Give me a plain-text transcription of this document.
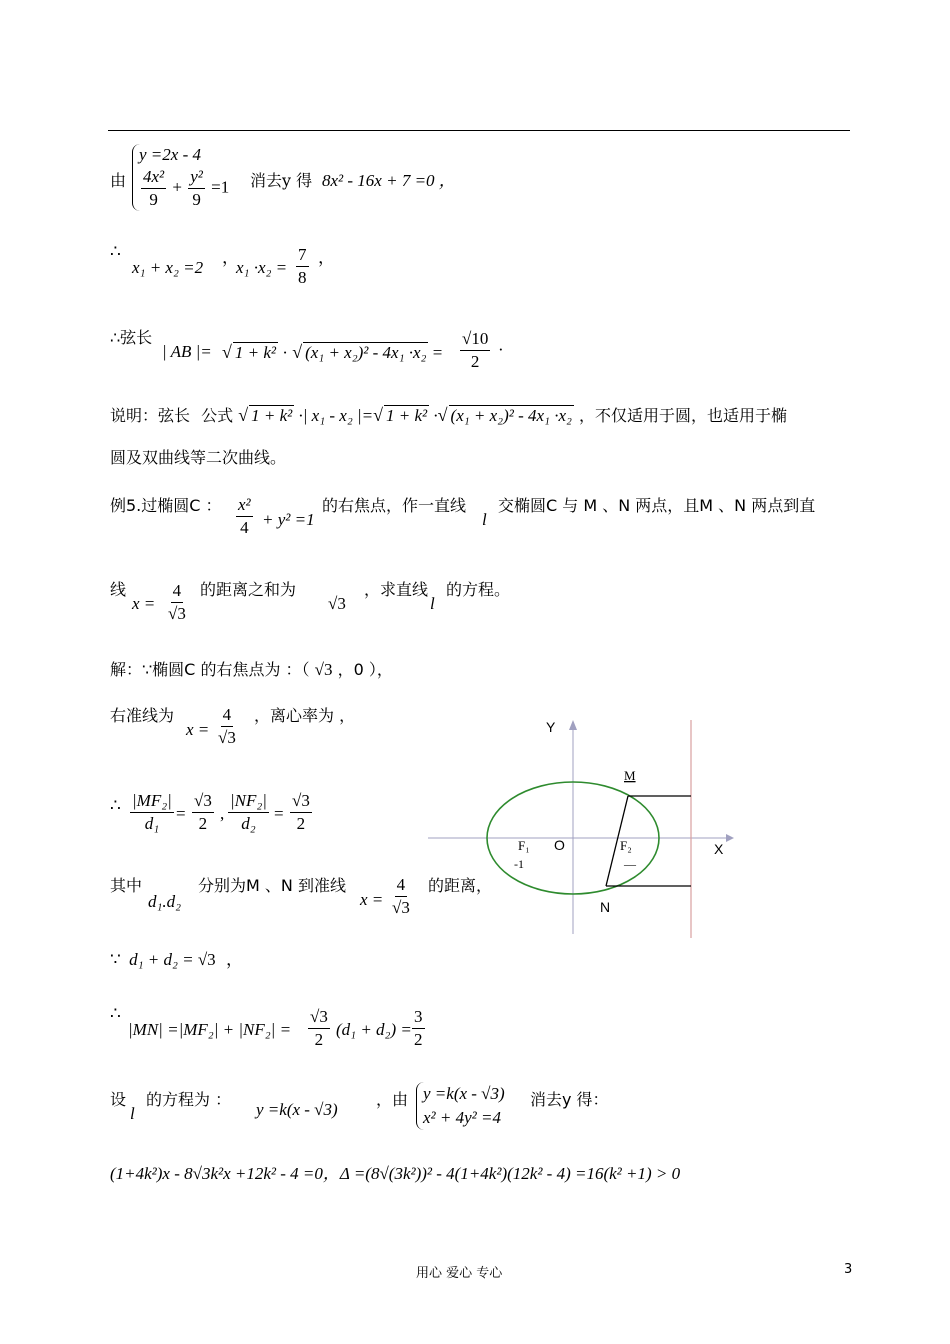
由
y =2x - 4
$\frac{\text{4x²}}{9} + \frac{\text{y²}}{9} =1$ 消去y 得 8x² - 16x + 7 =0 ，
∴
x₁ + x₂ =2
，
$x_1 \cdot x_2 = \frac{7}{8}$ ，
∴弦长
| AB |= √ 1 + k² · √ $(x_1 + x_2)^2 - 4x_1 \cdot x_2 = \frac{√10}{2}$ ·
说明：弦长 公式 √ 1 + k² ·| x₁ - x₂ |=√ 1 + k² ·√ (x₁ + x₂)² - 4x₁ ·x₂ ，不仅适用于圆，也适用于椭
圆及双曲线等二次曲线。
例5.过椭圆C ： $\frac{\text{x²}}{4} + y^2 =1$
的右焦点，作一直线
l
交椭圆C 与 M 、N 两点，且M 、N 两点到直
线
$x = \frac{4}{√3}$ 的距离之和为
√3
，求直线
l
的方程。
解：∵椭圆C 的右焦点为 ：（ √3 ，0 ），
右准线为
$x = \frac{4}{√3}$ ，离心率为 ，
∴ $\frac{\text{|MF₂|}}{\text{d₁}} = \frac{√3}{2}$ , $\frac{\text{|NF₂|}}{\text{d₂}} = \frac{√3}{2}$
其中
d₁.d₂
分别为M 、N 到准线
$x = \frac{4}{√3}$ 的距离，
∵ d₁ + d₂ = √3 ，
∴
$|MN| =|MF_2| + |NF_2| = \frac{√3}{2} (d_1 + d_2) = \frac{3}{2}$
设
l
的方程为 ：
y =k(x - √3)
，由 y =k(x - √3)
x² + 4y² =4
消去y 得：
(1+4k²)x - 8√3k²x +12k² - 4 =0，Δ =(8√(3k²))² - 4(1+4k²)(12k² - 4) =16(k² +1) > 0
Y
X
O
F₁	F₂
-1	—
M
N
用心 爱心 专心	3
